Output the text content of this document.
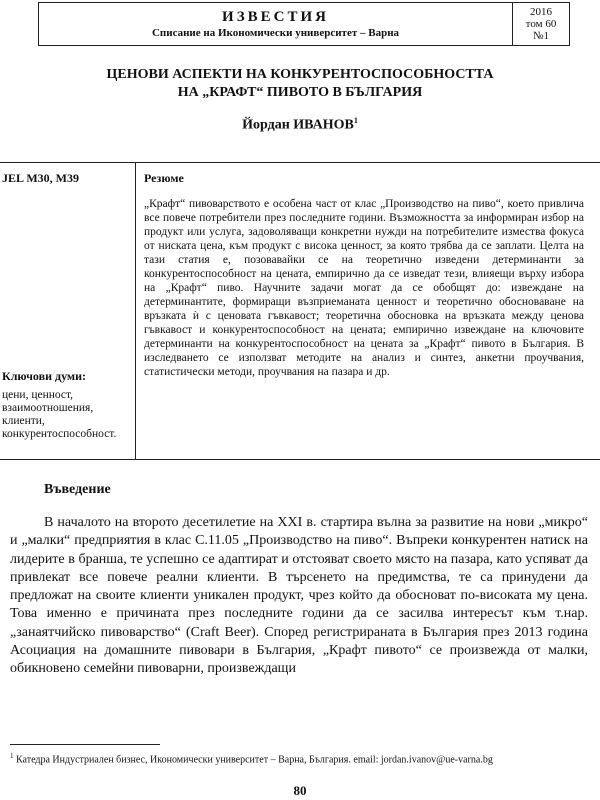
ИЗВЕСТИЯ
Списание на Икономически университет – Варна
2016
том 60
№1
ЦЕНОВИ АСПЕКТИ НА КОНКУРЕНТОСПОСОБНОСТТА
НА „КРАФТ“ ПИВОТО В БЪЛГАРИЯ
Йордан ИВАНОВ$^1$
JEL M30, M39
Ключови думи:
цени, ценност, взаимоотношения, клиенти, конкурентоспособност.
Резюме
„Крафт“ пивоварството е особена част от клас „Производство на пиво“, което привлича все повече потребители през последните години. Възможността за информиран избор на продукт или услуга, задоволяващи конкретни нужди на потребителите измества фокуса от ниската цена, към продукт с висока ценност, за която трябва да се заплати. Целта на тази статия е, позовавайки се на теоретично изведени детерминанти за конкурентоспособност на цената, емпирично да се изведат тези, влияещи върху избора на „Крафт“ пиво. Научните задачи могат да се обобщят до: извеждане на детерминантите, формиращи възприеманата ценност и теоретично обосноваване на връзката ѝ с ценовата гъвкавост; теоретична обосновка на връзката между ценова гъвкавост и конкурентоспособност на цената; емпирично извеждане на ключовите детерминанти на конкурентоспособност на цената за „Крафт“ пивото в България. В изследването се използват методите на анализ и синтез, анкетни проучвания, статистически методи, проучвания на пазара и др.
Въведение

В началото на второто десетилетие на XXI в. стартира вълна за развитие на нови „микро“ и „малки“ предприятия в клас C.11.05 „Производство на пиво“. Въпреки конкурентен натиск на лидерите в бранша, те успешно се адаптират и отстояват своето място на пазара, като успяват да привлекат все повече реални клиенти. В търсенето на предимства, те са принудени да предложат на своите клиенти уникален продукт, чрез който да обоснoват по-високата му цена. Това именно е причината през последните години да се засилва интересът към т.нар. „занаятчийско пивоварство“ (Craft Beer). Според регистрираната в България през 2013 година Асоциация на домашните пивовари в България, „Крафт пивото“ се произвежда от малки, обикновено семейни пивоварни, произвеждащи

$^1$ Катедра Индустриален бизнес, Икономически университет – Варна, България. email: jordan.ivanov@ue-varna.bg
80
